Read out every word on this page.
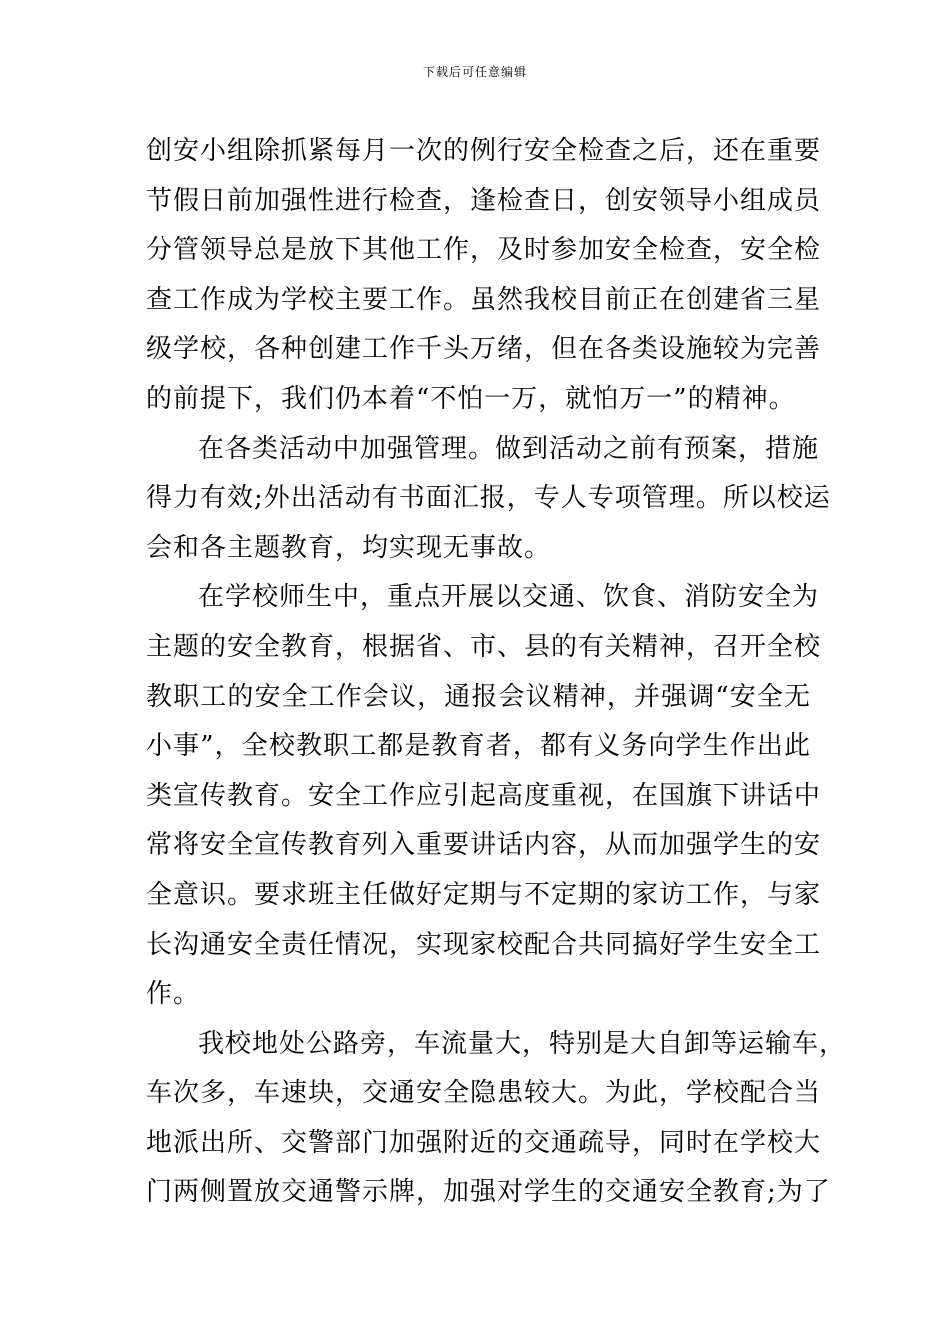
下载后可任意编辑
创安小组除抓紧每月一次的例行安全检查之后，还在重要
节假日前加强性进行检查，逢检查日，创安领导小组成员
分管领导总是放下其他工作，及时参加安全检查，安全检
查工作成为学校主要工作。虽然我校目前正在创建省三星
级学校，各种创建工作千头万绪，但在各类设施较为完善
的前提下，我们仍本着“不怕一万，就怕万一”的精神。
在各类活动中加强管理。做到活动之前有预案，措施
得力有效;外出活动有书面汇报，专人专项管理。所以校运
会和各主题教育，均实现无事故。
在学校师生中，重点开展以交通、饮食、消防安全为
主题的安全教育，根据省、市、县的有关精神，召开全校
教职工的安全工作会议，通报会议精神，并强调“安全无
小事”，全校教职工都是教育者，都有义务向学生作出此
类宣传教育。安全工作应引起高度重视，在国旗下讲话中
常将安全宣传教育列入重要讲话内容，从而加强学生的安
全意识。要求班主任做好定期与不定期的家访工作，与家
长沟通安全责任情况，实现家校配合共同搞好学生安全工
作。
我校地处公路旁，车流量大，特别是大自卸等运输车，
车次多，车速块，交通安全隐患较大。为此，学校配合当
地派出所、交警部门加强附近的交通疏导，同时在学校大
门两侧置放交通警示牌，加强对学生的交通安全教育;为了
